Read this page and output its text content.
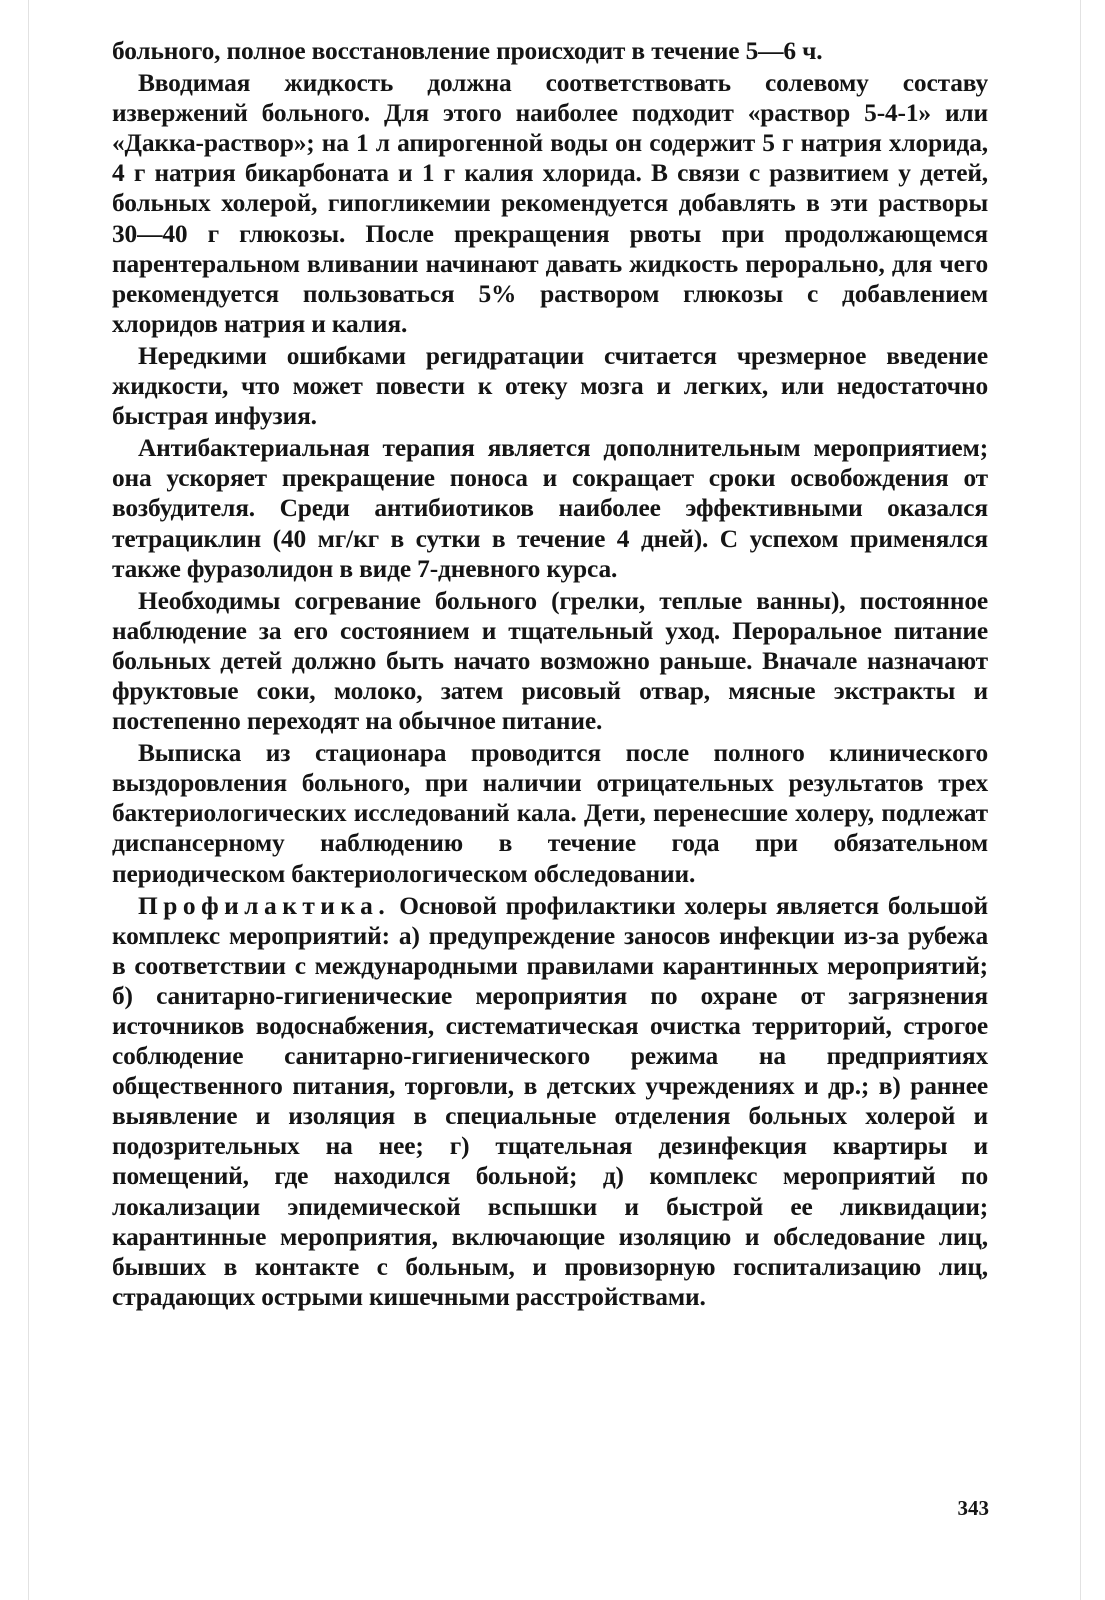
больного, полное восстановление происходит в течение 5—6 ч.

Вводимая жидкость должна соответствовать солевому составу извержений больного. Для этого наиболее подходит «раствор 5-4-1» или «Дакка-раствор»; на 1 л апирогенной воды он содержит 5 г натрия хлорида, 4 г натрия бикарбоната и 1 г калия хлорида. В связи с развитием у детей, больных холерой, гипогликемии рекомендуется добавлять в эти растворы 30—40 г глюкозы. После прекращения рвоты при продолжающемся парентеральном вливании начинают давать жидкость перорально, для чего рекомендуется пользоваться 5% раствором глюкозы с добавлением хлоридов натрия и калия.

Нередкими ошибками регидратации считается чрезмерное введение жидкости, что может повести к отеку мозга и легких, или недостаточно быстрая инфузия.

Антибактериальная терапия является дополнительным мероприятием; она ускоряет прекращение поноса и сокращает сроки освобождения от возбудителя. Среди антибиотиков наиболее эффективными оказался тетрациклин (40 мг/кг в сутки в течение 4 дней). С успехом применялся также фуразолидон в виде 7-дневного курса.

Необходимы согревание больного (грелки, теплые ванны), постоянное наблюдение за его состоянием и тщательный уход. Пероральное питание больных детей должно быть начато возможно раньше. Вначале назначают фруктовые соки, молоко, затем рисовый отвар, мясные экстракты и постепенно переходят на обычное питание.

Выписка из стационара проводится после полного клинического выздоровления больного, при наличии отрицательных результатов трех бактериологических исследований кала. Дети, перенесшие холеру, подлежат диспансерному наблюдению в течение года при обязательном периодическом бактериологическом обследовании.

Профилактика. Основой профилактики холеры является большой комплекс мероприятий: а) предупреждение заносов инфекции из-за рубежа в соответствии с международными правилами карантинных мероприятий; б) санитарно-гигиенические мероприятия по охране от загрязнения источников водоснабжения, систематическая очистка территорий, строгое соблюдение санитарно-гигиенического режима на предприятиях общественного питания, торговли, в детских учреждениях и др.; в) раннее выявление и изоляция в специальные отделения больных холерой и подозрительных на нее; г) тщательная дезинфекция квартиры и помещений, где находился больной; д) комплекс мероприятий по локализации эпидемической вспышки и быстрой ее ликвидации; карантинные мероприятия, включающие изоляцию и обследование лиц, бывших в контакте с больным, и провизорную госпитализацию лиц, страдающих острыми кишечными расстройствами.

343
